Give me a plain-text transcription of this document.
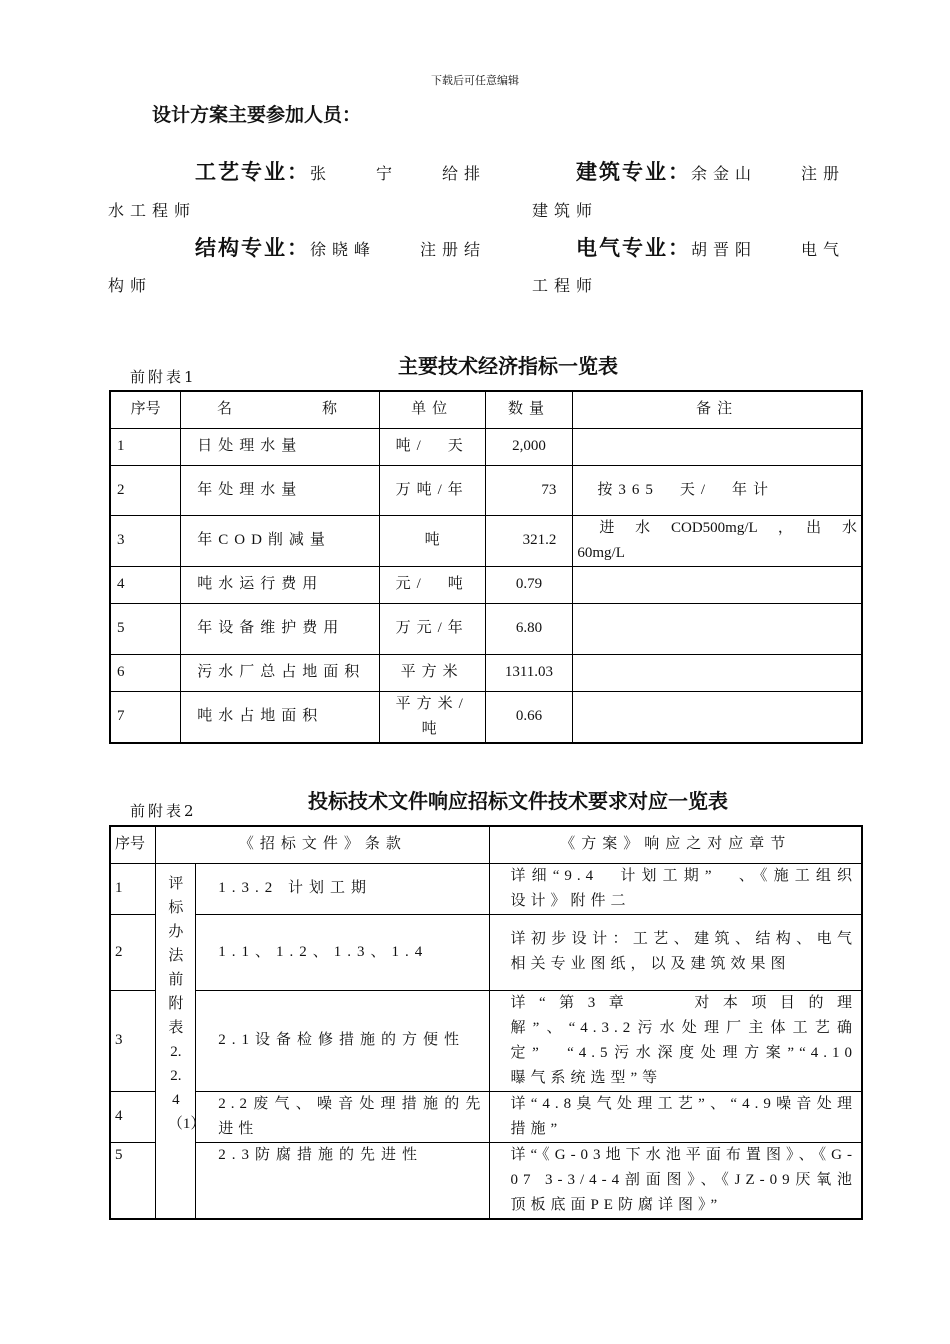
下载后可任意编辑
设计方案主要参加人员：
工艺专业：张　　宁　　给排
水工程师
建筑专业：余金山　　注册
建筑师
结构专业：徐晓峰　　注册结
构师
电气专业：胡晋阳　　电气
工程师
前附表1	主要技术经济指标一览表
序号	名　　　　称	单位	数量	备注
1	日处理水量	吨/　天	2,000	
2	年处理水量	万吨/年	73	按365　天/　年计
3	年COD削减量	吨	321.2	进　水　COD500mg/L　，　出　水60mg/L
4	吨水运行费用	元/　吨	0.79	
5	年设备维护费用	万元/年	6.80	
6	污水厂总占地面积	平方米	1311.03	
7	吨水占地面积	平方米/吨	0.66	
前附表2	投标技术文件响应招标文件技术要求对应一览表
序号	《招标文件》条款		《方案》响应之对应章节
1	评标办法前附表2.2.4（1）	1.3.2 计划工期	详细“9.4　计划工期”　、《施工组织设计》附件二
2		1.1、1.2、1.3、1.4	详初步设计：工艺、建筑、结构、电气相关专业图纸，以及建筑效果图
3		2.1设备检修措施的方便性	详“第3章　　对本项目的理解”、“4.3.2污水处理厂主体工艺确定”　“4.5污水深度处理方案”“4.10　曝气系统选型”等
4		2.2废气、噪音处理措施的先进性	详“4.8臭气处理工艺”、“4.9噪音处理措施”
5		2.3防腐措施的先进性	详“《G-03地下水池平面布置图》、《G-07 3-3/4-4剖面图》、《JZ-09厌氧池顶板底面PE防腐详图》”
